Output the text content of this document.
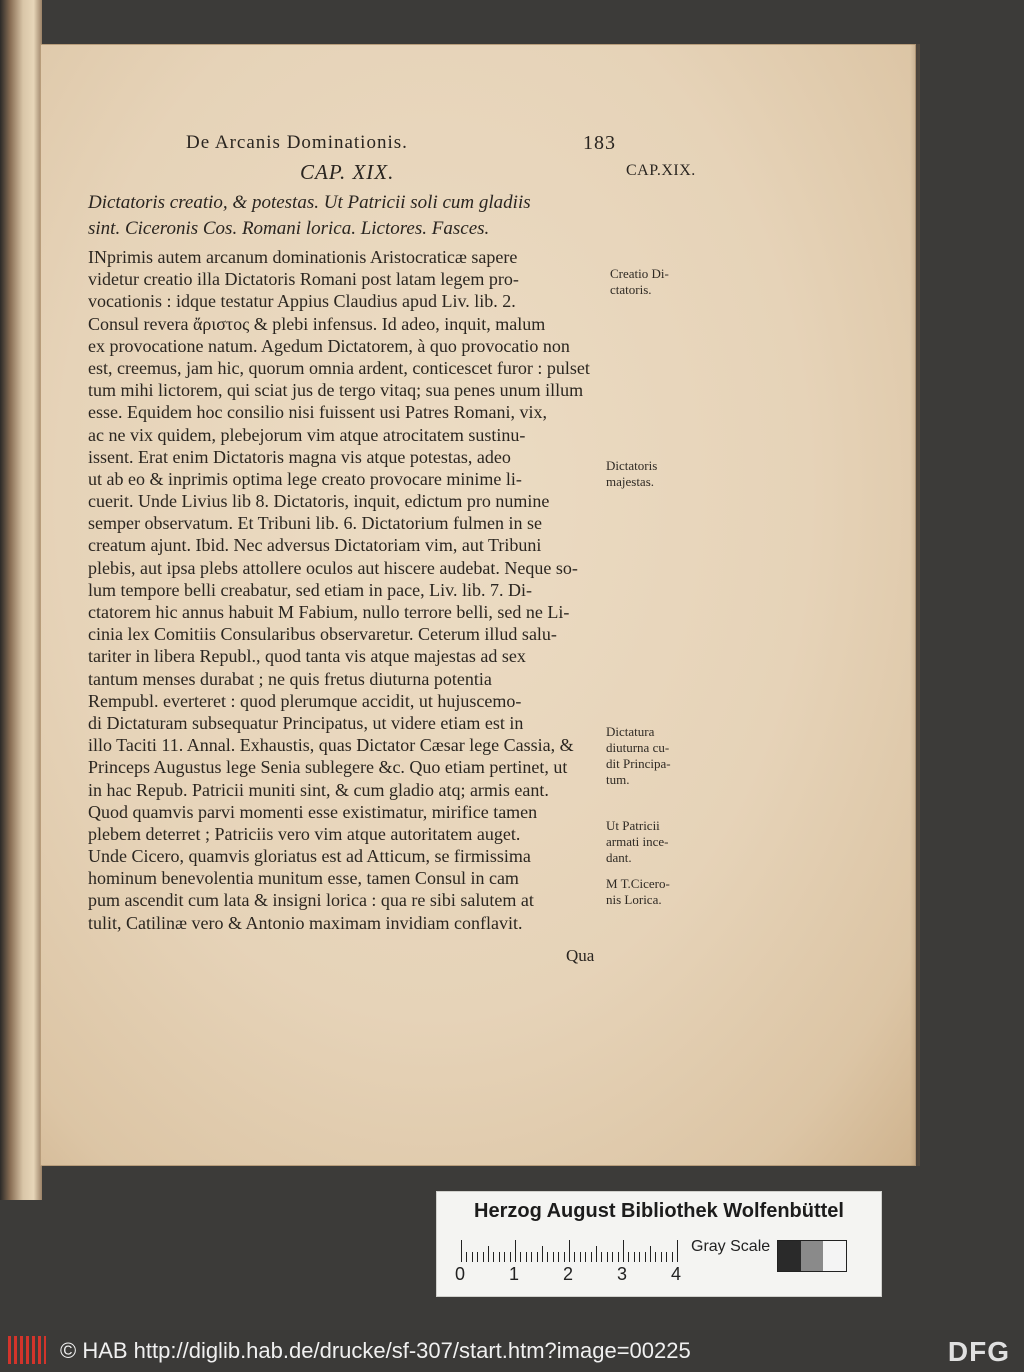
De Arcanis Dominationis.	183
CAP. XIX.	CAP.XIX.
Dictatoris creatio, & potestas. Ut Patricii soli cum gladiis
sint. Ciceronis Cos. Romani lorica. Lictores. Fasces.
INprimis autem arcanum dominationis Aristocraticæ sapere
videtur creatio illa Dictatoris Romani post latam legem pro-
vocationis : idque testatur Appius Claudius apud Liv. lib. 2.
Consul revera ἄριστος & plebi infensus. Id adeo, inquit, malum
ex provocatione natum. Agedum Dictatorem, à quo provocatio non
est, creemus, jam hic, quorum omnia ardent, conticescet furor : pulset
tum mihi lictorem, qui sciat jus de tergo vitaq; sua penes unum illum
esse. Equidem hoc consilio nisi fuissent usi Patres Romani, vix,
ac ne vix quidem, plebejorum vim atque atrocitatem sustinu-
issent. Erat enim Dictatoris magna vis atque potestas, adeo
ut ab eo & inprimis optima lege creato provocare minime li-
cuerit. Unde Livius lib 8. Dictatoris, inquit, edictum pro numine
semper observatum. Et Tribuni lib. 6. Dictatorium fulmen in se
creatum ajunt. Ibid. Nec adversus Dictatoriam vim, aut Tribuni
plebis, aut ipsa plebs attollere oculos aut hiscere audebat. Neque so-
lum tempore belli creabatur, sed etiam in pace, Liv. lib. 7. Di-
ctatorem hic annus habuit M Fabium, nullo terrore belli, sed ne Li-
cinia lex Comitiis Consularibus observaretur. Ceterum illud salu-
tariter in libera Republ., quod tanta vis atque majestas ad sex
tantum menses durabat ; ne quis fretus diuturna potentia
Rempubl. everteret : quod plerumque accidit, ut hujuscemo-
di Dictaturam subsequatur Principatus, ut videre etiam est in
illo Taciti 11. Annal. Exhaustis, quas Dictator Cæsar lege Cassia, &
Princeps Augustus lege Senia sublegere &c. Quo etiam pertinet, ut
in hac Repub. Patricii muniti sint, & cum gladio atq; armis eant.
Quod quamvis parvi momenti esse existimatur, mirifice tamen
plebem deterret ; Patriciis vero vim atque autoritatem auget.
Unde Cicero, quamvis gloriatus est ad Atticum, se firmissima
hominum benevolentia munitum esse, tamen Consul in cam
pum ascendit cum lata & insigni lorica : qua re sibi salutem at
tulit, Catilinæ vero & Antonio maximam invidiam conflavit.
Creatio Di-
ctatoris.
Dictatoris
majestas.
Dictatura
diuturna cu-
dit Principa-
tum.
Ut Patricii
armati ince-
dant.
M T.Cicero-
nis Lorica.
Qua
Herzog August Bibliothek Wolfenbüttel
0 1 2 3 4
Gray Scale
© HAB http://diglib.hab.de/drucke/sf-307/start.htm?image=00225	DFG
